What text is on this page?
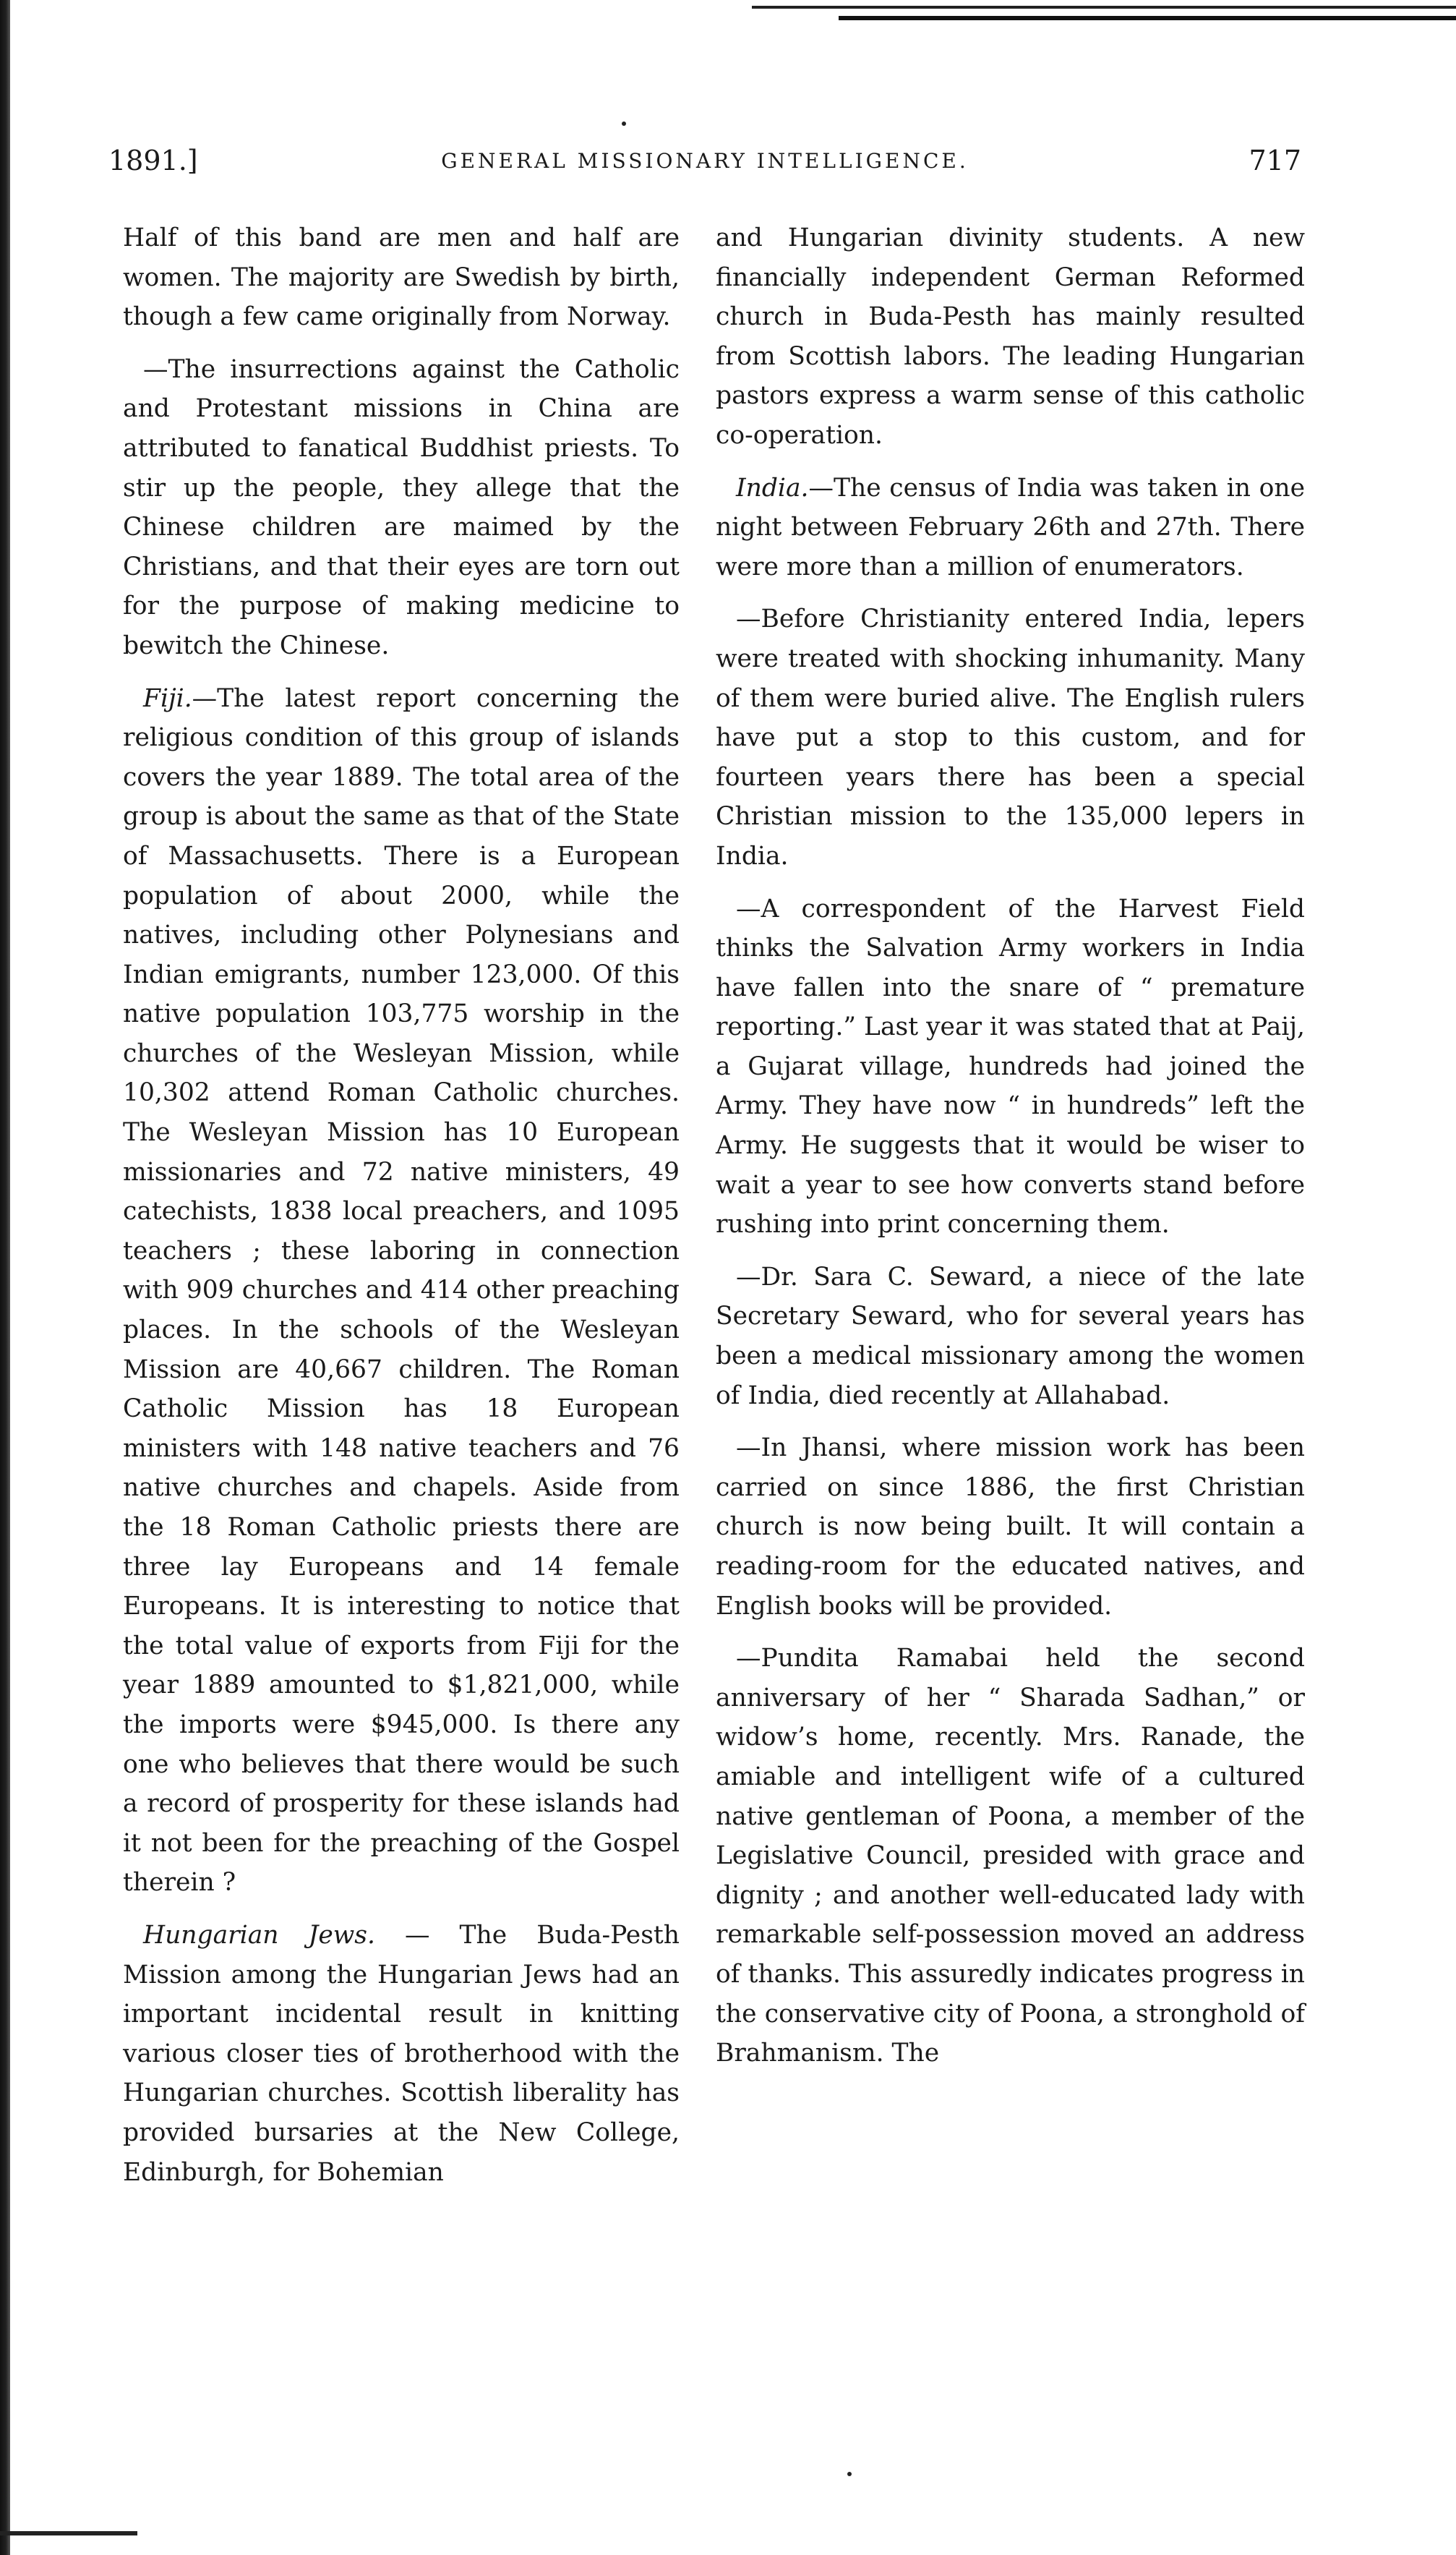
1891.]	GENERAL MISSIONARY INTELLIGENCE.	717

Half of this band are men and half are women. The majority are Swedish by birth, though a few came originally from Norway.

—The insurrections against the Catholic and Protestant missions in China are attributed to fanatical Buddhist priests. To stir up the people, they allege that the Chinese children are maimed by the Christians, and that their eyes are torn out for the purpose of making medicine to bewitch the Chinese.

Fiji.—The latest report concerning the religious condition of this group of islands covers the year 1889. The total area of the group is about the same as that of the State of Massachusetts. There is a European population of about 2000, while the natives, including other Polynesians and Indian emigrants, number 123,000. Of this native population 103,775 worship in the churches of the Wesleyan Mission, while 10,302 attend Roman Catholic churches. The Wesleyan Mission has 10 European missionaries and 72 native ministers, 49 catechists, 1838 local preachers, and 1095 teachers ; these laboring in connection with 909 churches and 414 other preaching places. In the schools of the Wesleyan Mission are 40,667 children. The Roman Catholic Mission has 18 European ministers with 148 native teachers and 76 native churches and chapels. Aside from the 18 Roman Catholic priests there are three lay Europeans and 14 female Europeans. It is interesting to notice that the total value of exports from Fiji for the year 1889 amounted to $1,821,000, while the imports were $945,000. Is there any one who believes that there would be such a record of prosperity for these islands had it not been for the preaching of the Gospel therein ?

Hungarian Jews. — The Buda-Pesth Mission among the Hungarian Jews had an important incidental result in knitting various closer ties of brotherhood with the Hungarian churches. Scottish liberality has provided bursaries at the New College, Edinburgh, for Bohemian

and Hungarian divinity students. A new financially independent German Reformed church in Buda-Pesth has mainly resulted from Scottish labors. The leading Hungarian pastors express a warm sense of this catholic co-operation.

India.—The census of India was taken in one night between February 26th and 27th. There were more than a million of enumerators.

—Before Christianity entered India, lepers were treated with shocking inhumanity. Many of them were buried alive. The English rulers have put a stop to this custom, and for fourteen years there has been a special Christian mission to the 135,000 lepers in India.

—A correspondent of the Harvest Field thinks the Salvation Army workers in India have fallen into the snare of “ premature reporting.” Last year it was stated that at Paij, a Gujarat village, hundreds had joined the Army. They have now “ in hundreds” left the Army. He suggests that it would be wiser to wait a year to see how converts stand before rushing into print concerning them.

—Dr. Sara C. Seward, a niece of the late Secretary Seward, who for several years has been a medical missionary among the women of India, died recently at Allahabad.

—In Jhansi, where mission work has been carried on since 1886, the first Christian church is now being built. It will contain a reading-room for the educated natives, and English books will be provided.

—Pundita Ramabai held the second anniversary of her “ Sharada Sadhan,” or widow’s home, recently. Mrs. Ranade, the amiable and intelligent wife of a cultured native gentleman of Poona, a member of the Legislative Council, presided with grace and dignity ; and another well-educated lady with remarkable self-possession moved an address of thanks. This assuredly indicates progress in the conservative city of Poona, a stronghold of Brahmanism. The
